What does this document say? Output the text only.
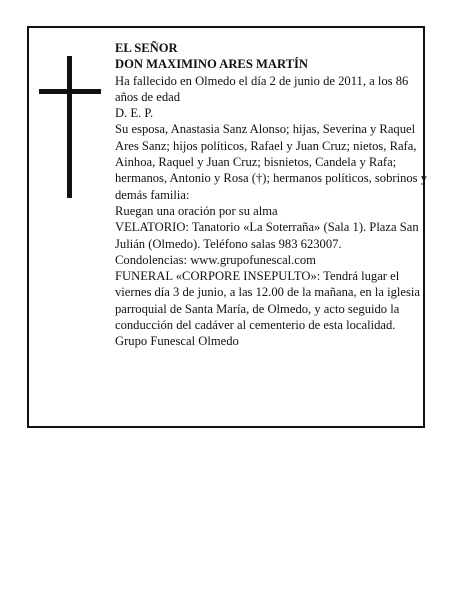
EL SEÑOR

DON MAXIMINO ARES MARTÍN

Ha fallecido en Olmedo el día 2 de junio de 2011, a los 86 años de edad

D. E. P.

Su esposa, Anastasia Sanz Alonso; hijas, Severina y Raquel Ares Sanz; hijos políticos, Rafael y Juan Cruz; nietos, Rafa, Ainhoa, Raquel y Juan Cruz; bisnietos, Candela y Rafa; hermanos, Antonio y Rosa (†); hermanos políticos, sobrinos y demás familia:

Ruegan una oración por su alma

VELATORIO: Tanatorio «La Soterraña» (Sala 1). Plaza San Julián (Olmedo). Teléfono salas 983 623007.

Condolencias: www.grupofunescal.com

FUNERAL «CORPORE INSEPULTO»: Tendrá lugar el viernes día 3 de junio, a las 12.00 de la mañana, en la iglesia parroquial de Santa María, de Olmedo, y acto seguido la conducción del cadáver al cementerio de esta localidad.

Grupo Funescal Olmedo
